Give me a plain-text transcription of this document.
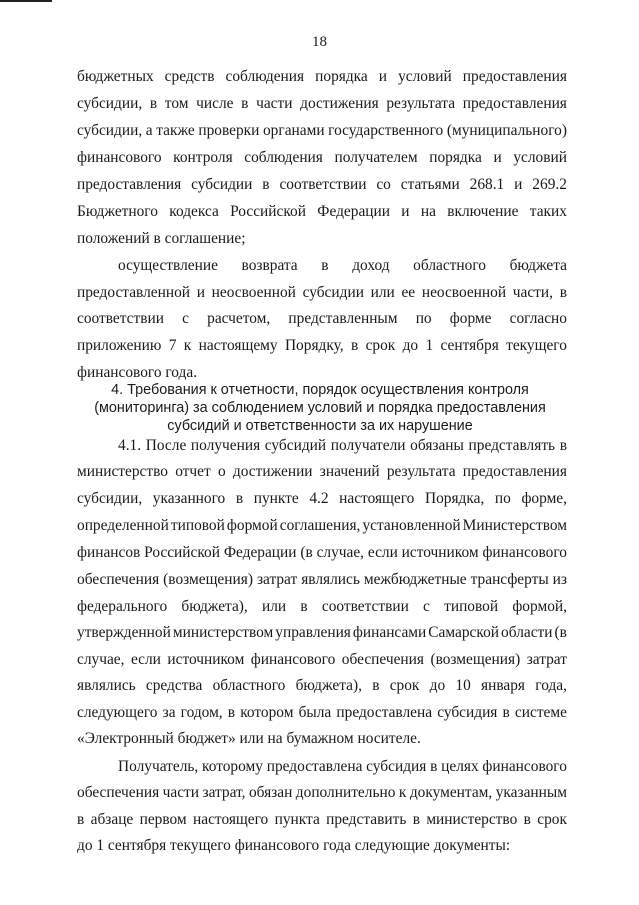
18
бюджетных средств соблюдения порядка и условий предоставления
субсидии, в том числе в части достижения результата предоставления
субсидии, а также проверки органами государственного (муниципального)
финансового контроля соблюдения получателем порядка и условий
предоставления субсидии в соответствии со статьями 268.1 и 269.2
Бюджетного кодекса Российской Федерации и на включение таких
положений в соглашение;
осуществление возврата в доход областного бюджета
предоставленной и неосвоенной субсидии или ее неосвоенной части, в
соответствии с расчетом, представленным по форме согласно
приложению 7 к настоящему Порядку, в срок до 1 сентября текущего
финансового года.
4.1. После получения субсидий получатели обязаны представлять в
министерство отчет о достижении значений результата предоставления
субсидии, указанного в пункте 4.2 настоящего Порядка, по форме,
определенной типовой формой соглашения, установленной Министерством
финансов Российской Федерации (в случае, если источником финансового
обеспечения (возмещения) затрат являлись межбюджетные трансферты из
федерального бюджета), или в соответствии с типовой формой,
утвержденной министерством управления финансами Самарской области (в
случае, если источником финансового обеспечения (возмещения) затрат
являлись средства областного бюджета), в срок до 10 января года,
следующего за годом, в котором была предоставлена субсидия в системе
«Электронный бюджет» или на бумажном носителе.
Получатель, которому предоставлена субсидия в целях финансового
обеспечения части затрат, обязан дополнительно к документам, указанным
в абзаце первом настоящего пункта представить в министерство в срок
до 1 сентября текущего финансового года следующие документы:
4. Требования к отчетности, порядок осуществления контроля
(мониторинга) за соблюдением условий и порядка предоставления
субсидий и ответственности за их нарушение
